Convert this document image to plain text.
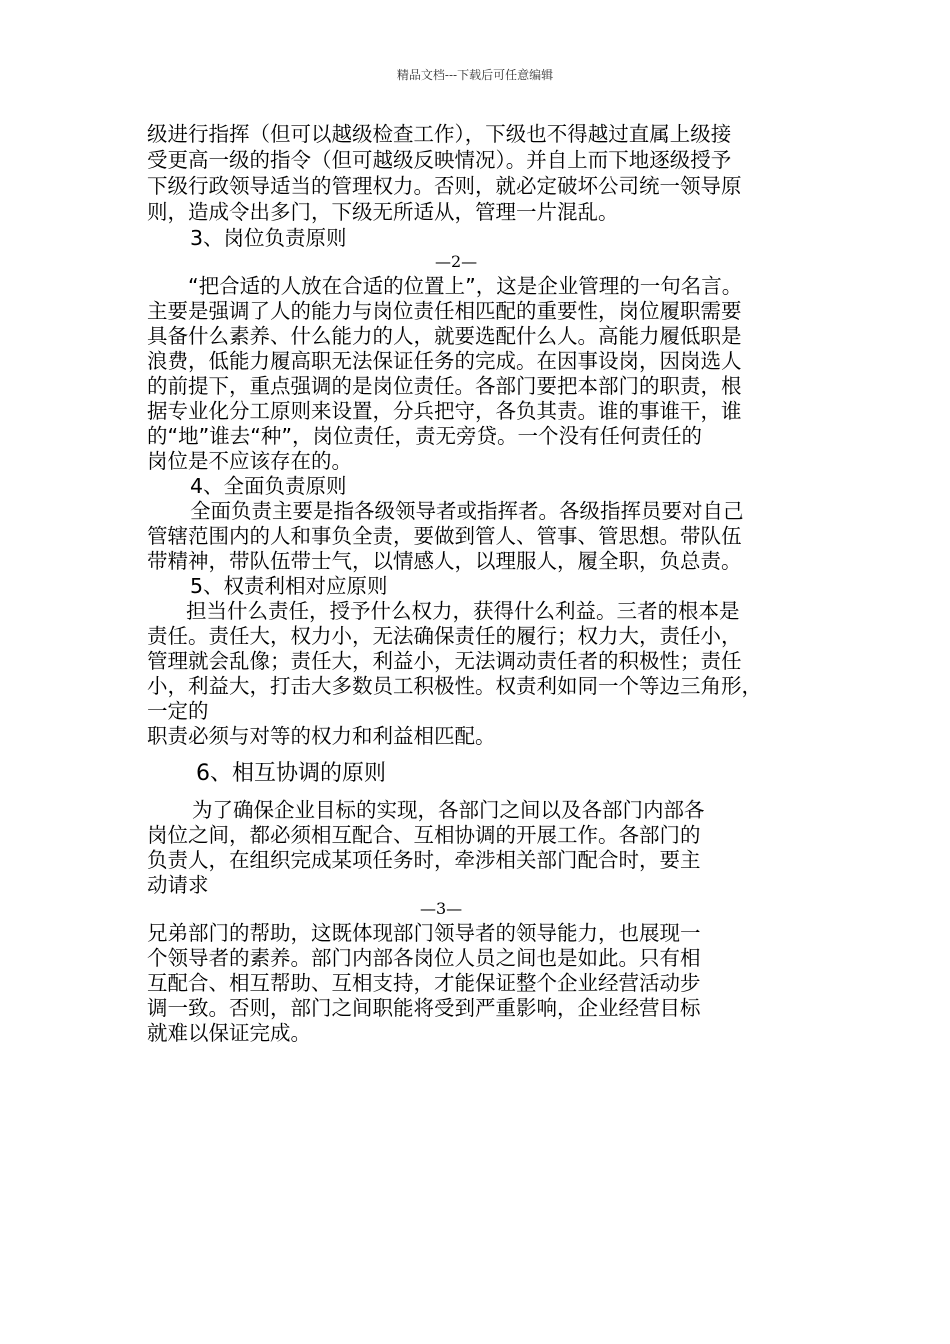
精品文档---下载后可任意编辑

级进行指挥（但可以越级检查工作），下级也不得越过直属上级接

受更高一级的指令（但可越级反映情况）。并自上而下地逐级授予

下级行政领导适当的管理权力。否则，就必定破坏公司统一领导原

则，造成令出多门，下级无所适从，管理一片混乱。

3、岗位负责原则

—2—

“把合适的人放在合适的位置上”，这是企业管理的一句名言。

主要是强调了人的能力与岗位责任相匹配的重要性，岗位履职需要

具备什么素养、什么能力的人，就要选配什么人。高能力履低职是

浪费，低能力履高职无法保证任务的完成。在因事设岗，因岗选人

的前提下，重点强调的是岗位责任。各部门要把本部门的职责，根

据专业化分工原则来设置，分兵把守，各负其责。谁的事谁干，谁

的“地”谁去“种”，岗位责任，责无旁贷。一个没有任何责任的

岗位是不应该存在的。

4、全面负责原则

全面负责主要是指各级领导者或指挥者。各级指挥员要对自己

管辖范围内的人和事负全责，要做到管人、管事、管思想。带队伍

带精神，带队伍带士气，以情感人，以理服人，履全职，负总责。

5、权责利相对应原则

担当什么责任，授予什么权力，获得什么利益。三者的根本是

责任。责任大，权力小，无法确保责任的履行；权力大，责任小，

管理就会乱像；责任大，利益小，无法调动责任者的积极性；责任

小，利益大，打击大多数员工积极性。权责利如同一个等边三角形，

一定的

职责必须与对等的权力和利益相匹配。

6、相互协调的原则

为了确保企业目标的实现，各部门之间以及各部门内部各

岗位之间，都必须相互配合、互相协调的开展工作。各部门的

负责人，在组织完成某项任务时，牵涉相关部门配合时，要主

动请求

—3—

兄弟部门的帮助，这既体现部门领导者的领导能力，也展现一

个领导者的素养。部门内部各岗位人员之间也是如此。只有相

互配合、相互帮助、互相支持，才能保证整个企业经营活动步

调一致。否则，部门之间职能将受到严重影响，企业经营目标

就难以保证完成。
